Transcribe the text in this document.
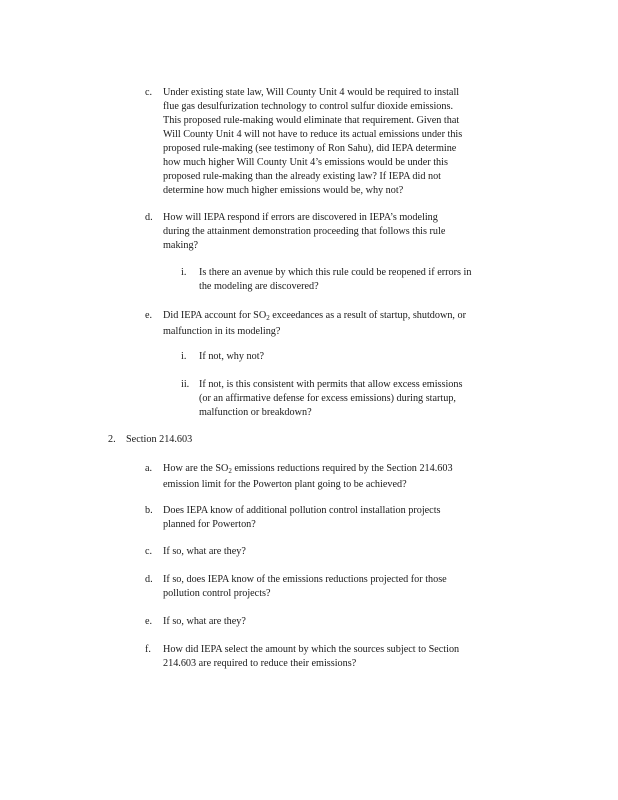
c. Under existing state law, Will County Unit 4 would be required to install
flue gas desulfurization technology to control sulfur dioxide emissions.
This proposed rule-making would eliminate that requirement. Given that
Will County Unit 4 will not have to reduce its actual emissions under this
proposed rule-making (see testimony of Ron Sahu), did IEPA determine
how much higher Will County Unit 4’s emissions would be under this
proposed rule-making than the already existing law? If IEPA did not
determine how much higher emissions would be, why not?
d. How will IEPA respond if errors are discovered in IEPA’s modeling
during the attainment demonstration proceeding that follows this rule
making?
i. Is there an avenue by which this rule could be reopened if errors in
the modeling are discovered?
e. Did IEPA account for $SO_2$ exceedances as a result of startup, shutdown, or
malfunction in its modeling?
i. If not, why not?
ii. If not, is this consistent with permits that allow excess emissions
(or an affirmative defense for excess emissions) during startup,
malfunction or breakdown?
2. Section 214.603
a. How are the $SO_2$ emissions reductions required by the Section 214.603
emission limit for the Powerton plant going to be achieved?
b. Does IEPA know of additional pollution control installation projects
planned for Powerton?
c. If so, what are they?
d. If so, does IEPA know of the emissions reductions projected for those
pollution control projects?
e. If so, what are they?
f. How did IEPA select the amount by which the sources subject to Section
214.603 are required to reduce their emissions?
